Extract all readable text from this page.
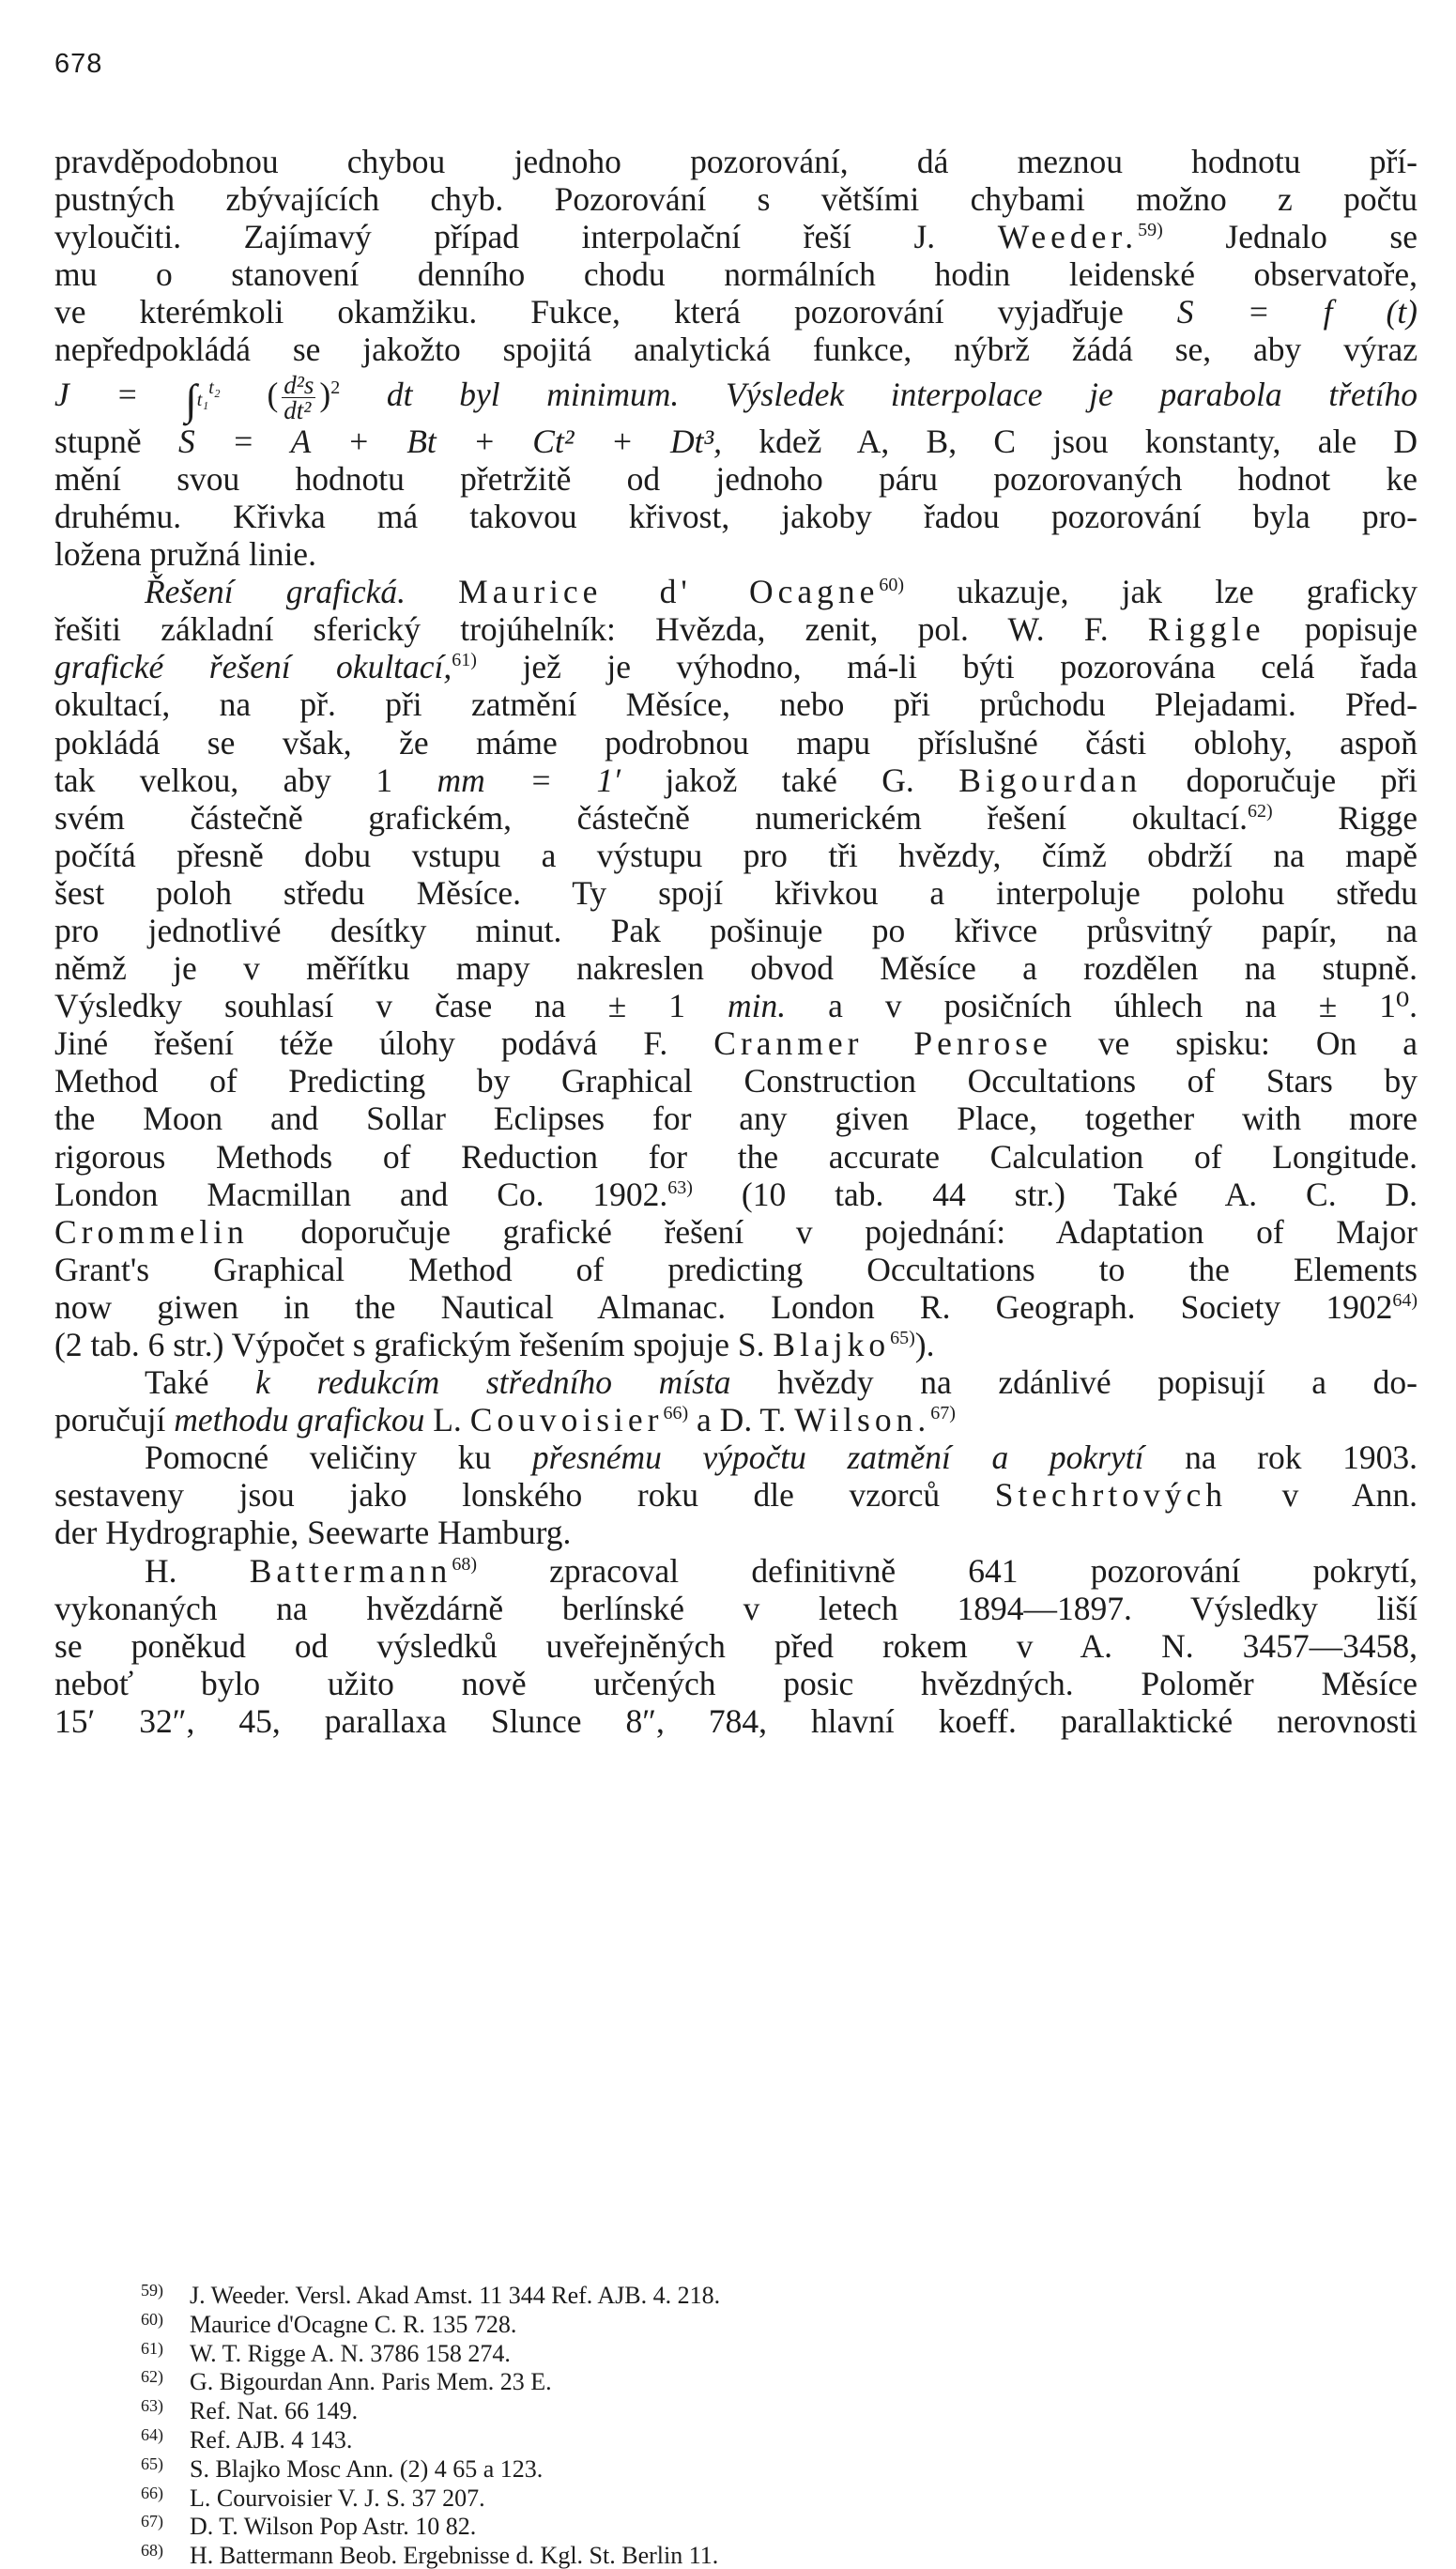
678
pravděpodobnou chybou jednoho pozorování, dá meznou hodnotu pří-
pustných zbývajících chyb. Pozorování s většími chybami možno z počtu
vyloučiti. Zajímavý případ interpolační řeší J. Weeder.$^{59)}$ Jednalo se
mu o stanovení denního chodu normálních hodin leidenské observatoře,
ve kterémkoli okamžiku. Fukce, která pozorování vyjadřuje S = f (t)
nepředpokládá se jakožto spojitá analytická funkce, nýbrž žádá se, aby výraz
J = ∫t₁$^{t_2}$ ( $\frac{\text{d²s}}{\text{dt²}} )^2$ dt byl minimum. Výsledek interpolace je parabola třetího
stupně S = A + Bt + Ct² + Dt³, kdež A, B, C jsou konstanty, ale D
mění svou hodnotu přetržitě od jednoho páru pozorovaných hodnot ke
druhému. Křivka má takovou křivost, jakoby řadou pozorování byla pro-
ložena pružná linie.
Řešení grafická. Maurice d' Ocagne$^{60)}$ ukazuje, jak lze graficky
řešiti základní sferický trojúhelník: Hvězda, zenit, pol. W. F. Riggle popisuje
grafické řešení okultací,$^{61)}$ jež je výhodno, má-li býti pozorována celá řada
okultací, na př. při zatmění Měsíce, nebo při průchodu Plejadami. Před-
pokládá se však, že máme podrobnou mapu příslušné části oblohy, aspoň
tak velkou, aby 1 mm = 1′ jakož také G. Bigourdan doporučuje při
svém částečně grafickém, částečně numerickém řešení okultací.$^{62)}$ Rigge
počítá přesně dobu vstupu a výstupu pro tři hvězdy, čímž obdrží na mapě
šest poloh středu Měsíce. Ty spojí křivkou a interpoluje polohu středu
pro jednotlivé desítky minut. Pak pošinuje po křivce průsvitný papír, na
němž je v měřítku mapy nakreslen obvod Měsíce a rozdělen na stupně.
Výsledky souhlasí v čase na ± 1 min. a v posičních úhlech na ± 1⁰.
Jiné řešení téže úlohy podává F. Cranmer Penrose ve spisku: On a
Method of Predicting by Graphical Construction Occultations of Stars by
the Moon and Sollar Eclipses for any given Place, together with more
rigorous Methods of Reduction for the accurate Calculation of Longitude.
London Macmillan and Co. 1902.$^{63)}$ (10 tab. 44 str.) Také A. C. D.
Crommelin doporučuje grafické řešení v pojednání: Adaptation of Major
Grant's Graphical Method of predicting Occultations to the Elements
now giwen in the Nautical Almanac. London R. Geograph. Society 1902$^{64)}$
(2 tab. 6 str.) Výpočet s grafickým řešením spojuje S. Blajko$^{65)}$).
Také k redukcím středního místa hvězdy na zdánlivé popisují a do-
poručují methodu grafickou L. Couvoisier$^{66)}$ a D. T. Wilson.$^{67)}$
Pomocné veličiny ku přesnému výpočtu zatmění a pokrytí na rok 1903.
sestaveny jsou jako lonského roku dle vzorců Stechrtových v Ann.
der Hydrographie, Seewarte Hamburg.
H. Battermann$^{68)}$ zpracoval definitivně 641 pozorování pokrytí,
vykonaných na hvězdárně berlínské v letech 1894—1897. Výsledky liší
se poněkud od výsledků uveřejněných před rokem v A. N. 3457—3458,
neboť bylo užito nově určených posic hvězdných. Poloměr Měsíce
15′ 32″, 45, parallaxa Slunce 8″, 784, hlavní koeff. parallaktické nerovnosti
59) J. Weeder. Versl. Akad Amst. 11 344 Ref. AJB. 4. 218.
60) Maurice d'Ocagne C. R. 135 728.
61) W. T. Rigge A. N. 3786 158 274.
62) G. Bigourdan Ann. Paris Mem. 23 E.
63) Ref. Nat. 66 149.
64) Ref. AJB. 4 143.
65) S. Blajko Mosc Ann. (2) 4 65 a 123.
66) L. Courvoisier V. J. S. 37 207.
67) D. T. Wilson Pop Astr. 10 82.
68) H. Battermann Beob. Ergebnisse d. Kgl. St. Berlin 11.
